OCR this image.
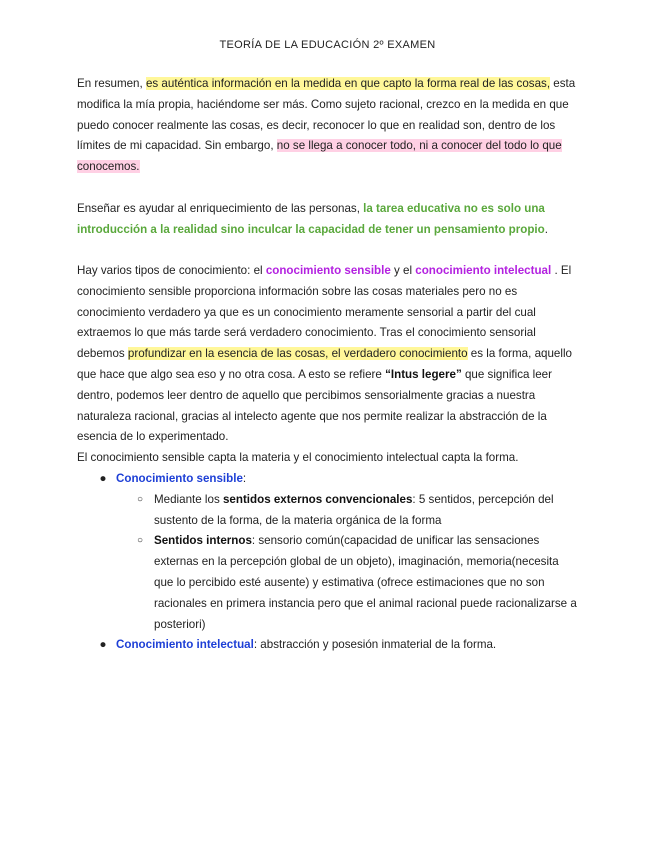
TEORÍA DE LA EDUCACIÓN 2º EXAMEN

En resumen, es auténtica información en la medida en que capto la forma real de las cosas, esta modifica la mía propia, haciéndome ser más. Como sujeto racional, crezco en la medida en que puedo conocer realmente las cosas, es decir, reconocer lo que en realidad son, dentro de los límites de mi capacidad. Sin embargo, no se llega a conocer todo, ni a conocer del todo lo que conocemos.

Enseñar es ayudar al enriquecimiento de las personas, la tarea educativa no es solo una introducción a la realidad sino inculcar la capacidad de tener un pensamiento propio.

Hay varios tipos de conocimiento: el conocimiento sensible y el conocimiento intelectual . El conocimiento sensible proporciona información sobre las cosas materiales pero no es conocimiento verdadero ya que es un conocimiento meramente sensorial a partir del cual extraemos lo que más tarde será verdadero conocimiento. Tras el conocimiento sensorial debemos profundizar en la esencia de las cosas, el verdadero conocimiento es la forma, aquello que hace que algo sea eso y no otra cosa. A esto se refiere “Intus legere” que significa leer dentro, podemos leer dentro de aquello que percibimos sensorialmente gracias a nuestra naturaleza racional, gracias al intelecto agente que nos permite realizar la abstracción de la esencia de lo experimentado.
El conocimiento sensible capta la materia y el conocimiento intelectual capta la forma.

● Conocimiento sensible:
○ Mediante los sentidos externos convencionales: 5 sentidos, percepción del sustento de la forma, de la materia orgánica de la forma
○ Sentidos internos: sensorio común(capacidad de unificar las sensaciones externas en la percepción global de un objeto), imaginación, memoria(necesita que lo percibido esté ausente) y estimativa (ofrece estimaciones que no son racionales en primera instancia pero que el animal racional puede racionalizarse a posteriori)
● Conocimiento intelectual: abstracción y posesión inmaterial de la forma.
